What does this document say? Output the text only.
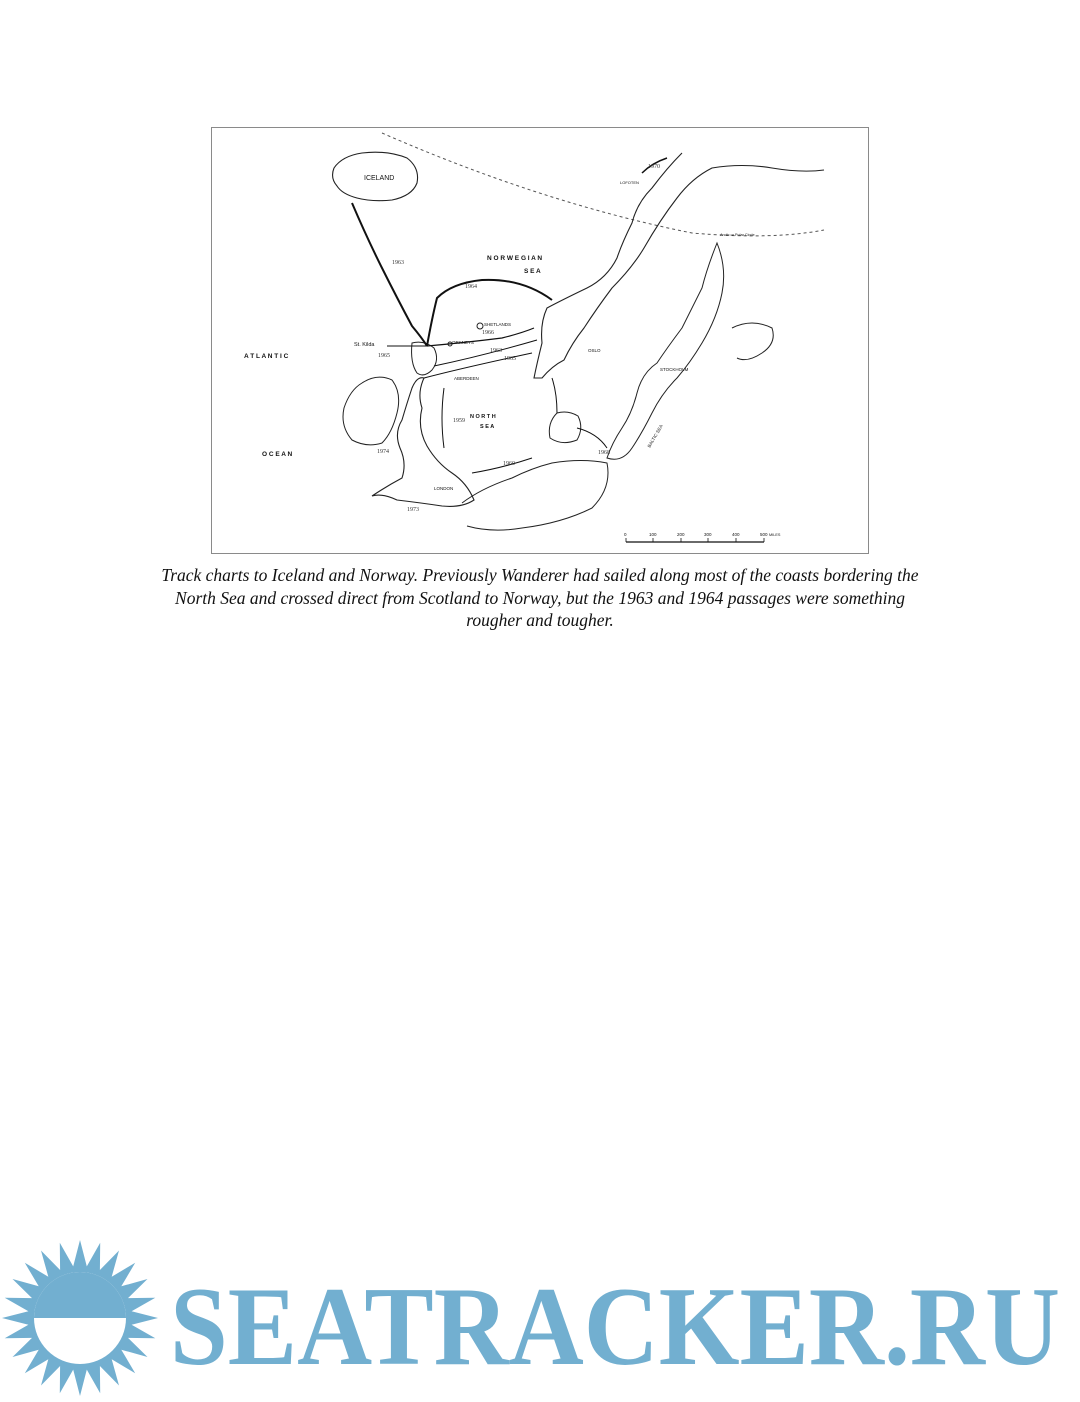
ICELAND
N O R W E G I A N
S E A
A T L A N T I C
O C E A N
N O R T H
S E A	BALTIC SEA
St. Kilda
SHETLANDS
ORKNEYS
STOCKHOLM
OSLO
LONDON
ABERDEEN
LOFOTEN
Arctic or Polar Circle
1963
1964
1966
1965
1963
1965
1959
1974
1960
1968
1973
1970
0	100	200	300	400	500 MILES
Track charts to Iceland and Norway. Previously Wanderer had sailed along most of the coasts bordering the North Sea and crossed direct from Scotland to Norway, but the 1963 and 1964 passages were something rougher and tougher.
SEATRACKER.RU
